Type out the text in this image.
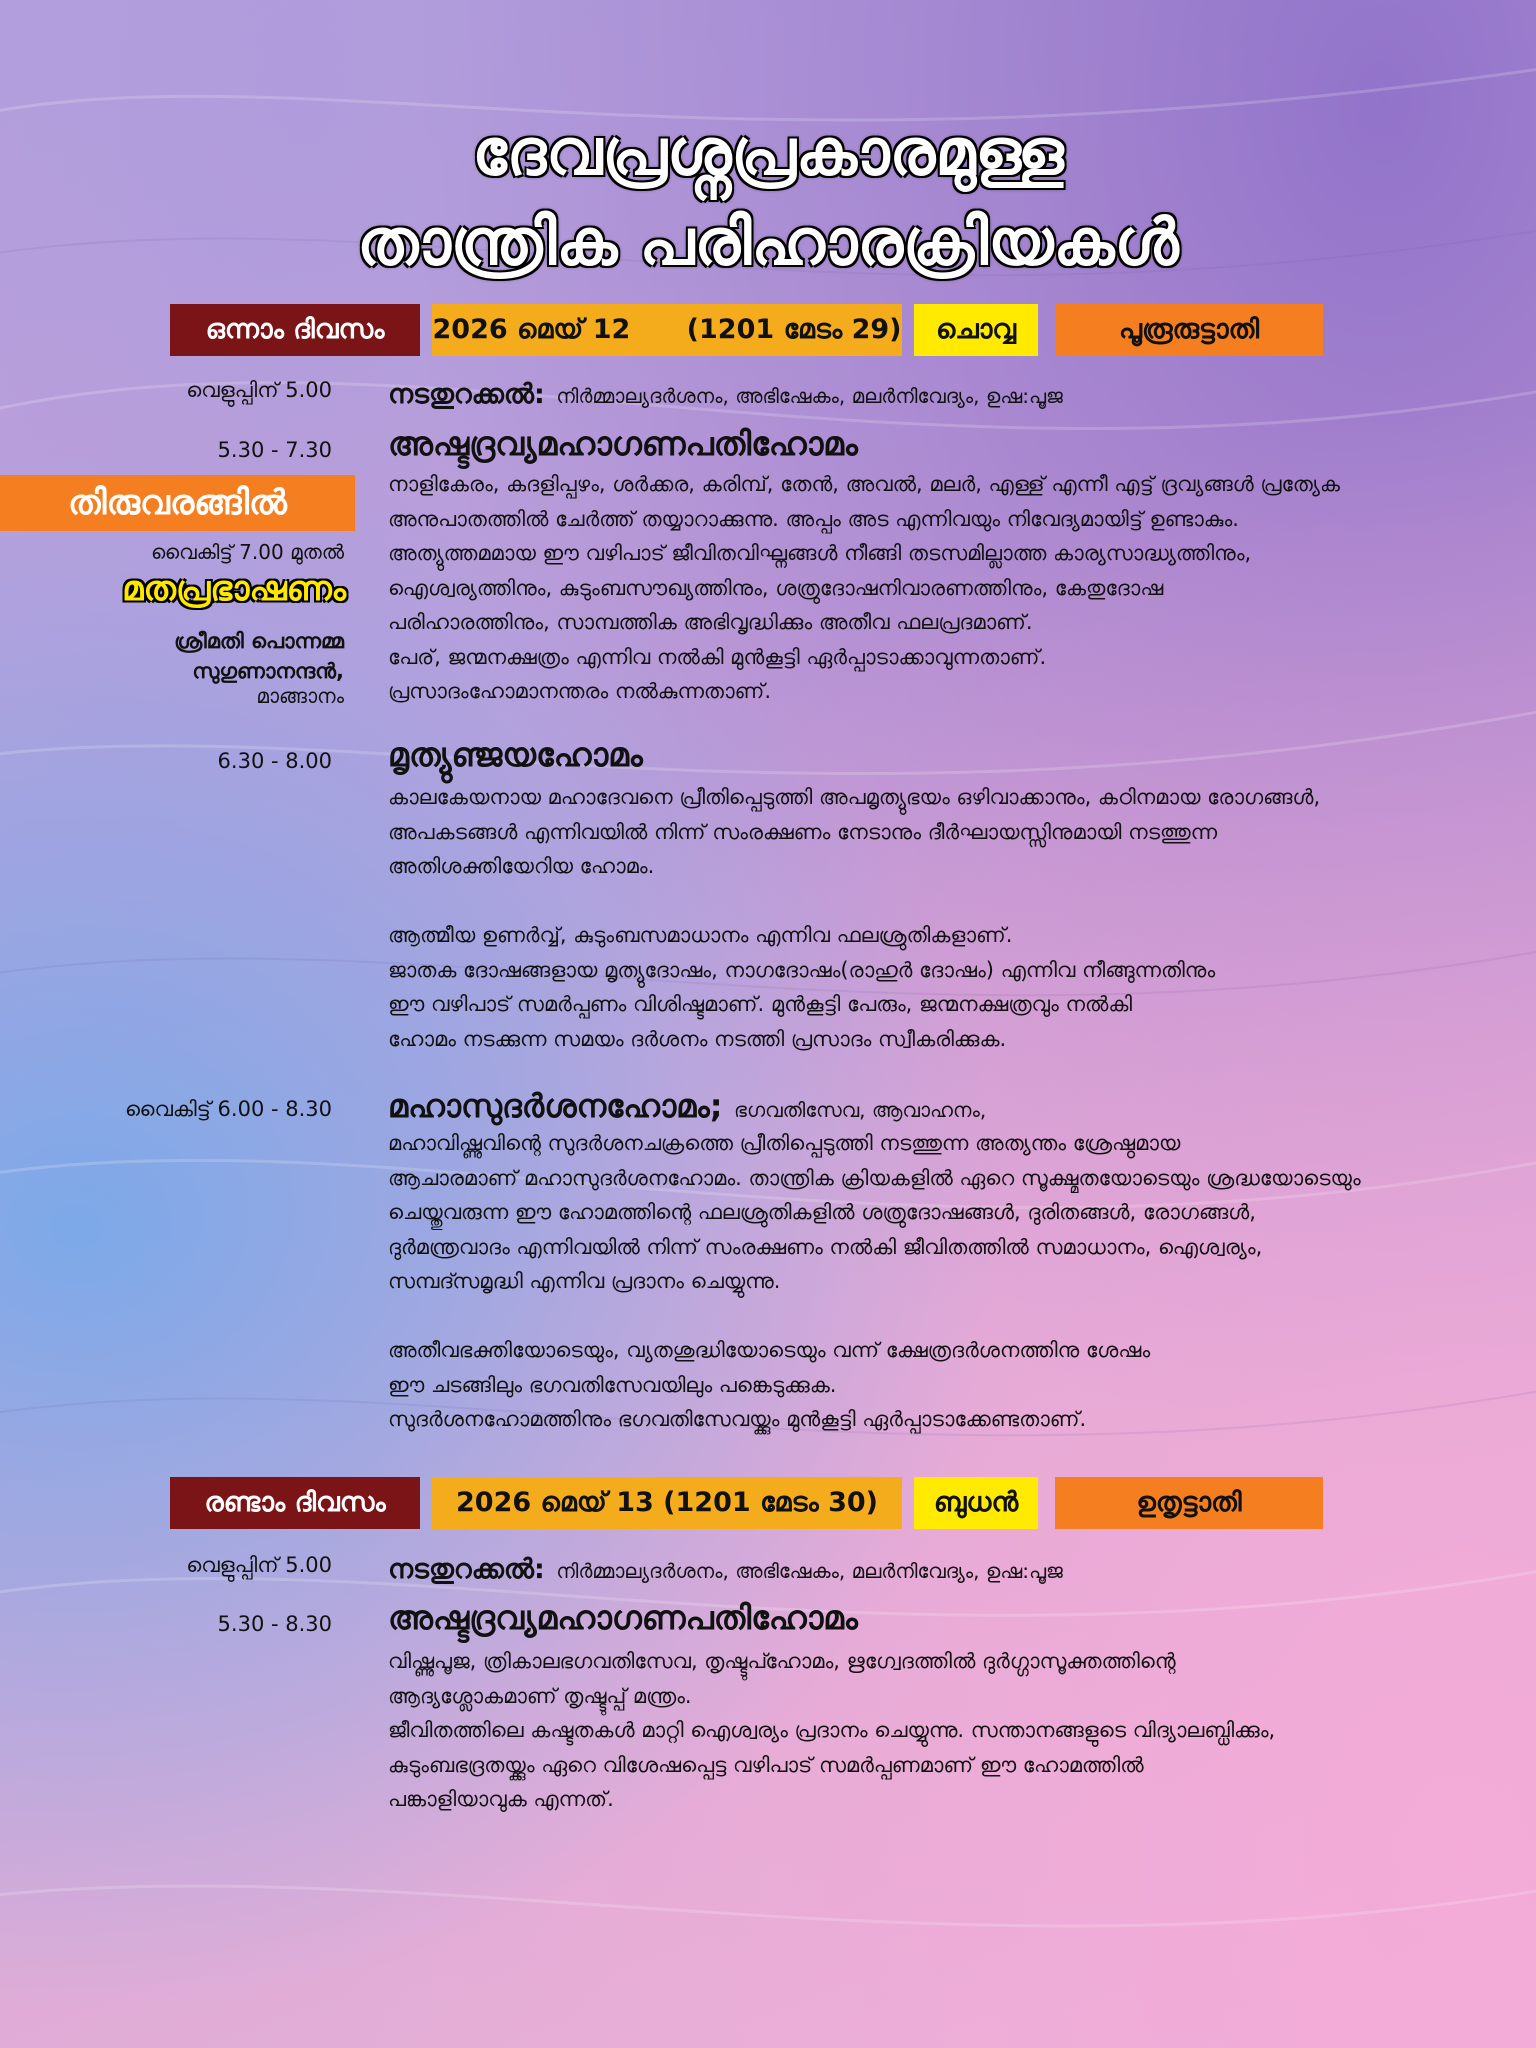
ദേവപ്രശ്നപ്രകാരമുള്ള
താന്ത്രിക പരിഹാരക്രിയകൾ
ഒന്നാം ദിവസം	2026 മെയ് 12      (1201 മേടം 29)	ചൊവ്വ	പൂരൂരുട്ടാതി
വെളുപ്പിന് 5.00 നടതുറക്കൽ: നിർമ്മാല്യദർശനം, അഭിഷേകം, മലർനിവേദ്യം, ഉഷ:പൂജ
5.30 - 7.30 അഷ്ടദ്രവ്യമഹാഗണപതിഹോമം

നാളികേരം, കദളിപ്പഴം, ശർക്കര, കരിമ്പ്, തേൻ, അവൽ, മലർ, എള്ള് എന്നീ എട്ട് ദ്രവ്യങ്ങൾ പ്രത്യേക

അനുപാതത്തിൽ ചേർത്ത് തയ്യാറാക്കുന്നു. അപ്പം അട എന്നിവയും നിവേദ്യമായിട്ട് ഉണ്ടാകും.

അത്യുത്തമമായ ഈ വഴിപാട് ജീവിതവിഘ്നങ്ങൾ നീങ്ങി തടസമില്ലാത്ത കാര്യസാദ്ധ്യത്തിനും,

ഐശ്വര്യത്തിനും, കുടുംബസൗഖ്യത്തിനും, ശത്രുദോഷനിവാരണത്തിനും, കേതുദോഷ

പരിഹാരത്തിനും, സാമ്പത്തിക അഭിവൃദ്ധിക്കും അതീവ ഫലപ്രദമാണ്.

പേര്, ജന്മനക്ഷത്രം എന്നിവ നൽകി മുൻകൂട്ടി ഏർപ്പാടാക്കാവുന്നതാണ്.

പ്രസാദംഹോമാനന്തരം നൽകുന്നതാണ്.

തിരുവരങ്ങിൽ
വൈകിട്ട് 7.00 മുതൽ
മതപ്രഭാഷണം
ശ്രീമതി പൊന്നമ്മ
സുഗുണാനന്ദൻ,
മാങ്ങാനം
6.30 - 8.00 മൃത്യുഞ്ജയഹോമം

കാലകേയനായ മഹാദേവനെ പ്രീതിപ്പെടുത്തി അപമൃത്യുഭയം ഒഴിവാക്കാനും, കഠിനമായ രോഗങ്ങൾ,

അപകടങ്ങൾ എന്നിവയിൽ നിന്ന് സംരക്ഷണം നേടാനും ദീർഘായസ്സിനുമായി നടത്തുന്ന

അതിശക്തിയേറിയ ഹോമം.

ആത്മീയ ഉണർവ്വ്, കുടുംബസമാധാനം എന്നിവ ഫലശ്രുതികളാണ്.

ജാതക ദോഷങ്ങളായ മൃത്യുദോഷം, നാഗദോഷം(രാഹുർ ദോഷം) എന്നിവ നീങ്ങുന്നതിനും

ഈ വഴിപാട് സമർപ്പണം വിശിഷ്ടമാണ്. മുൻകൂട്ടി പേരും, ജന്മനക്ഷത്രവും നൽകി

ഹോമം നടക്കുന്ന സമയം ദർശനം നടത്തി പ്രസാദം സ്വീകരിക്കുക.

വൈകിട്ട് 6.00 - 8.30 മഹാസുദർശനഹോമം; ഭഗവതിസേവ, ആവാഹനം,

മഹാവിഷ്ണുവിന്റെ സുദർശനചക്രത്തെ പ്രീതിപ്പെടുത്തി നടത്തുന്ന അത്യന്തം ശ്രേഷ്ഠമായ

ആചാരമാണ് മഹാസുദർശനഹോമം. താന്ത്രിക ക്രിയകളിൽ ഏറെ സൂക്ഷ്മതയോടെയും ശ്രദ്ധയോടെയും

ചെയ്തുവരുന്ന ഈ ഹോമത്തിന്റെ ഫലശ്രുതികളിൽ ശത്രുദോഷങ്ങൾ, ദുരിതങ്ങൾ, രോഗങ്ങൾ,

ദുർമന്ത്രവാദം എന്നിവയിൽ നിന്ന് സംരക്ഷണം നൽകി ജീവിതത്തിൽ സമാധാനം, ഐശ്വര്യം,

സമ്പദ്സമൃദ്ധി എന്നിവ പ്രദാനം ചെയ്യുന്നു.

അതീവഭക്തിയോടെയും, വ്യതശുദ്ധിയോടെയും വന്ന് ക്ഷേത്രദർശനത്തിനു ശേഷം

ഈ ചടങ്ങിലും ഭഗവതിസേവയിലും പങ്കെടുക്കുക.

സുദർശനഹോമത്തിനും ഭഗവതിസേവയ്ക്കും മുൻകൂട്ടി ഏർപ്പാടാക്കേണ്ടതാണ്.

രണ്ടാം ദിവസം	2026 മെയ് 13 (1201 മേടം 30)	ബുധൻ	ഉതൃട്ടാതി
വെളുപ്പിന് 5.00 നടതുറക്കൽ: നിർമ്മാല്യദർശനം, അഭിഷേകം, മലർനിവേദ്യം, ഉഷ:പൂജ
5.30 - 8.30 അഷ്ടദ്രവ്യമഹാഗണപതിഹോമം

വിഷ്ണുപൂജ, ത്രികാലഭഗവതിസേവ, തൃഷ്ടുപ്ഹോമം, ഋഗ്വേദത്തിൽ ദുർഗ്ഗാസൂക്തത്തിന്റെ

ആദ്യശ്ലോകമാണ് തൃഷ്ടുപ്പ് മന്ത്രം.

ജീവിതത്തിലെ കഷ്ടതകൾ മാറ്റി ഐശ്വര്യം പ്രദാനം ചെയ്യുന്നു. സന്താനങ്ങളുടെ വിദ്യാലബ്ധിക്കും,

കുടുംബഭദ്രതയ്ക്കും ഏറെ വിശേഷപ്പെട്ട വഴിപാട് സമർപ്പണമാണ് ഈ ഹോമത്തിൽ

പങ്കാളിയാവുക എന്നത്.
